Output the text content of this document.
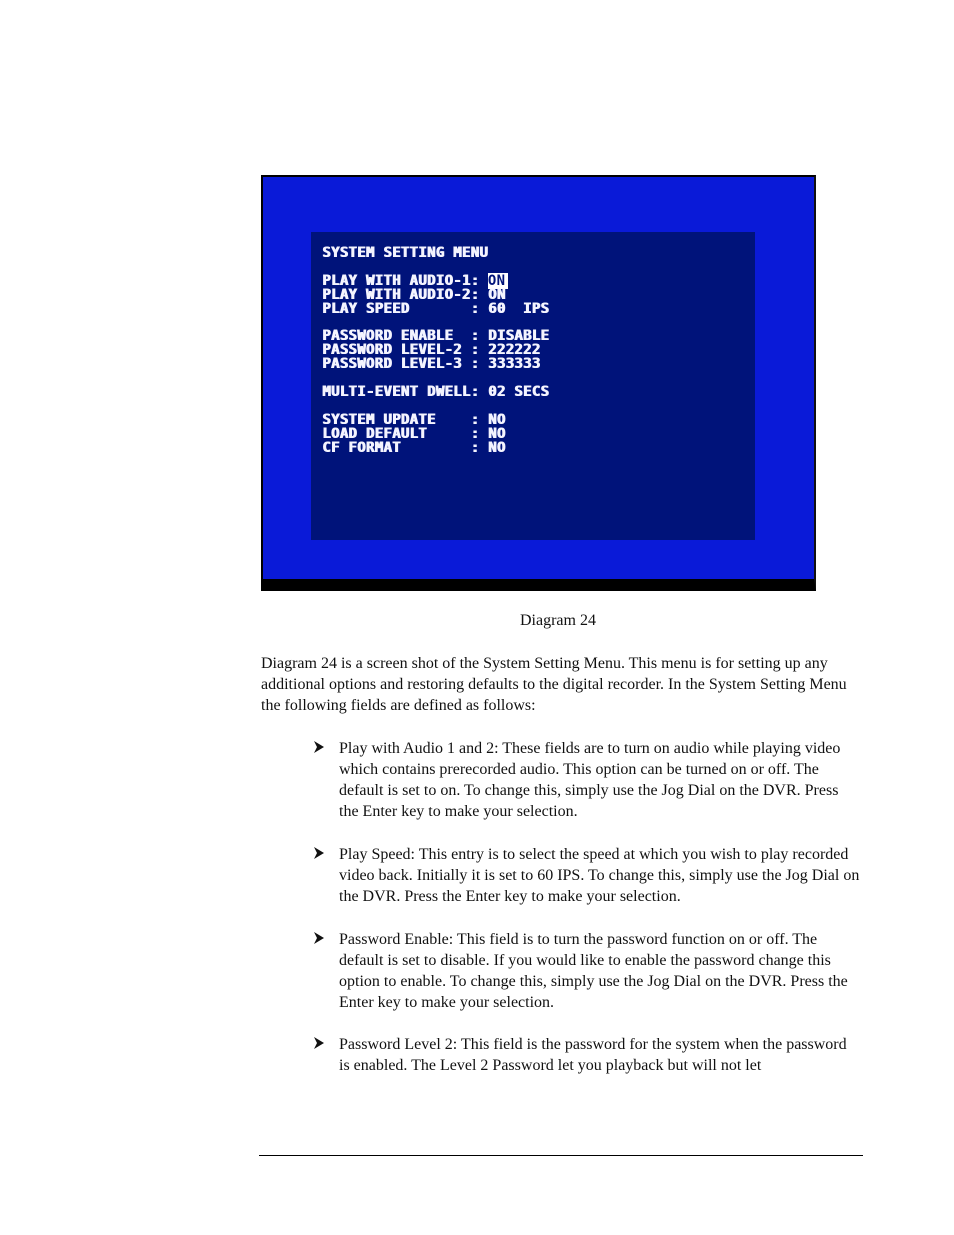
SYSTEM SETTING MENU
PLAY WITH AUDIO-1: ON
PLAY WITH AUDIO-2: ON
PLAY SPEED       : 60  IPS
PASSWORD ENABLE  : DISABLE
PASSWORD LEVEL-2 : 222222
PASSWORD LEVEL-3 : 333333
MULTI-EVENT DWELL: 02 SECS
SYSTEM UPDATE    : NO
LOAD DEFAULT     : NO
CF FORMAT        : NO
Diagram 24

Diagram 24 is a screen shot of the System Setting Menu. This menu is for setting up any additional options and restoring defaults to the digital recorder. In the System Setting Menu the following fields are defined as follows:

Play with Audio 1 and 2: These fields are to turn on audio while playing video which contains prerecorded audio. This option can be turned on or off. The default is set to on. To change this, simply use the Jog Dial on the DVR. Press the Enter key to make your selection.
Play Speed: This entry is to select the speed at which you wish to play recorded video back. Initially it is set to 60 IPS. To change this, simply use the Jog Dial on the DVR. Press the Enter key to make your selection.
Password Enable: This field is to turn the password function on or off. The default is set to disable. If you would like to enable the password change this option to enable. To change this, simply use the Jog Dial on the DVR. Press the Enter key to make your selection.
Password Level 2: This field is the password for the system when the password is enabled. The Level 2 Password let you playback but will not let
